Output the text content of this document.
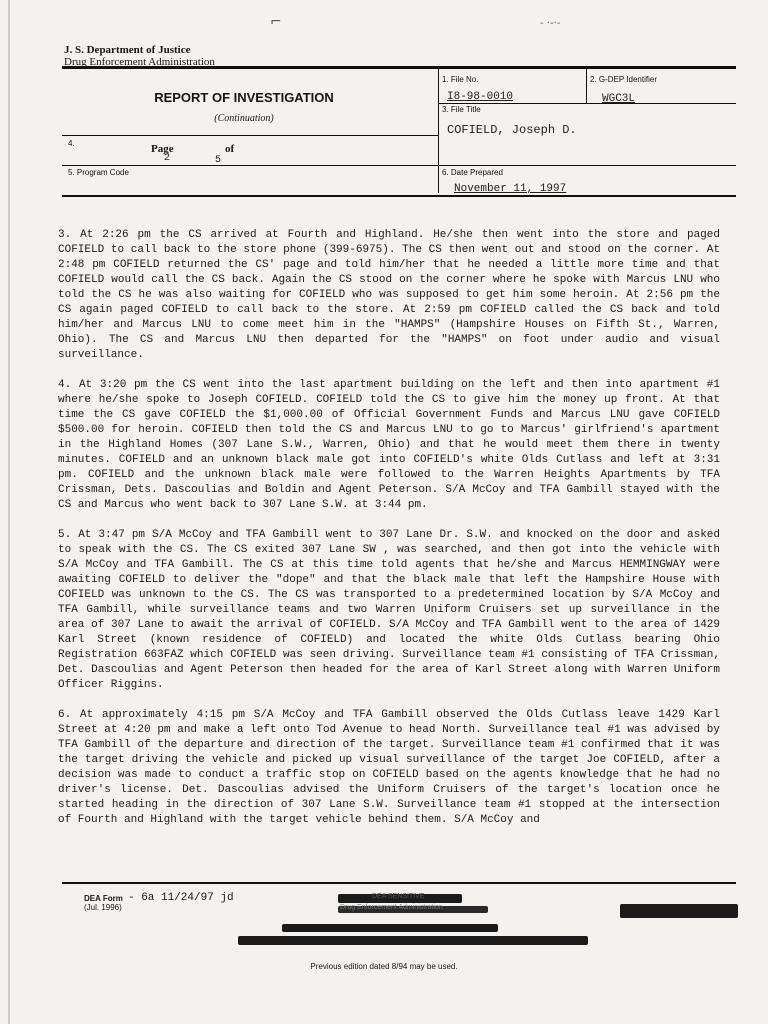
⌐	- ·-·-
J. S. Department of Justice
Drug Enforcement Administration
REPORT OF INVESTIGATION
(Continuation)
1. File No.
I8-98-0010
2. G-DEP Identifier
WGC3L
3. File Title
COFIELD, Joseph D.
4.	Page
2
of
5
5. Program Code	6. Date Prepared
November 11, 1997

3. At 2:26 pm the CS arrived at Fourth and Highland. He/she then went into the store and paged COFIELD to call back to the store phone (399-6975). The CS then went out and stood on the corner. At 2:48 pm COFIELD returned the CS' page and told him/her that he needed a little more time and that COFIELD would call the CS back. Again the CS stood on the corner where he spoke with Marcus LNU who told the CS he was also waiting for COFIELD who was supposed to get him some heroin. At 2:56 pm the CS again paged COFIELD to call back to the store. At 2:59 pm COFIELD called the CS back and told him/her and Marcus LNU to come meet him in the "HAMPS" (Hampshire Houses on Fifth St., Warren, Ohio). The CS and Marcus LNU then departed for the "HAMPS" on foot under audio and visual surveillance.

4. At 3:20 pm the CS went into the last apartment building on the left and then into apartment #1 where he/she spoke to Joseph COFIELD. COFIELD told the CS to give him the money up front. At that time the CS gave COFIELD the $1,000.00 of Official Government Funds and Marcus LNU gave COFIELD $500.00 for heroin. COFIELD then told the CS and Marcus LNU to go to Marcus' girlfriend's apartment in the Highland Homes (307 Lane S.W., Warren, Ohio) and that he would meet them there in twenty minutes. COFIELD and an unknown black male got into COFIELD's white Olds Cutlass and left at 3:31 pm. COFIELD and the unknown black male were followed to the Warren Heights Apartments by TFA Crissman, Dets. Dascoulias and Boldin and Agent Peterson. S/A McCoy and TFA Gambill stayed with the CS and Marcus who went back to 307 Lane S.W. at 3:44 pm.

5. At 3:47 pm S/A McCoy and TFA Gambill went to 307 Lane Dr. S.W. and knocked on the door and asked to speak with the CS. The CS exited 307 Lane SW , was searched, and then got into the vehicle with S/A McCoy and TFA Gambill. The CS at this time told agents that he/she and Marcus HEMMINGWAY were awaiting COFIELD to deliver the "dope" and that the black male that left the Hampshire House with COFIELD was unknown to the CS. The CS was transported to a predetermined location by S/A McCoy and TFA Gambill, while surveillance teams and two Warren Uniform Cruisers set up surveillance in the area of 307 Lane to await the arrival of COFIELD. S/A McCoy and TFA Gambill went to the area of 1429 Karl Street (known residence of COFIELD) and located the white Olds Cutlass bearing Ohio Registration 663FAZ which COFIELD was seen driving. Surveillance team #1 consisting of TFA Crissman, Det. Dascoulias and Agent Peterson then headed for the area of Karl Street along with Warren Uniform Officer Riggins.

6. At approximately 4:15 pm S/A McCoy and TFA Gambill observed the Olds Cutlass leave 1429 Karl Street at 4:20 pm and make a left onto Tod Avenue to head North. Surveillance teal #1 was advised by TFA Gambill of the departure and direction of the target. Surveillance team #1 confirmed that it was the target driving the vehicle and picked up visual surveillance of the target Joe COFIELD, after a decision was made to conduct a traffic stop on COFIELD based on the agents knowledge that he had no driver's license. Det. Dascoulias advised the Uniform Cruisers of the target's location once he started heading in the direction of 307 Lane S.W. Surveillance team #1 stopped at the intersection of Fourth and Highland with the target vehicle behind them. S/A McCoy and

DEA Form
(Jul. 1996)
- 6a 11/24/97 jd	DEA SENSITIVE
Drug Enforcement Administration
Previous edition dated 8/94 may be used.
